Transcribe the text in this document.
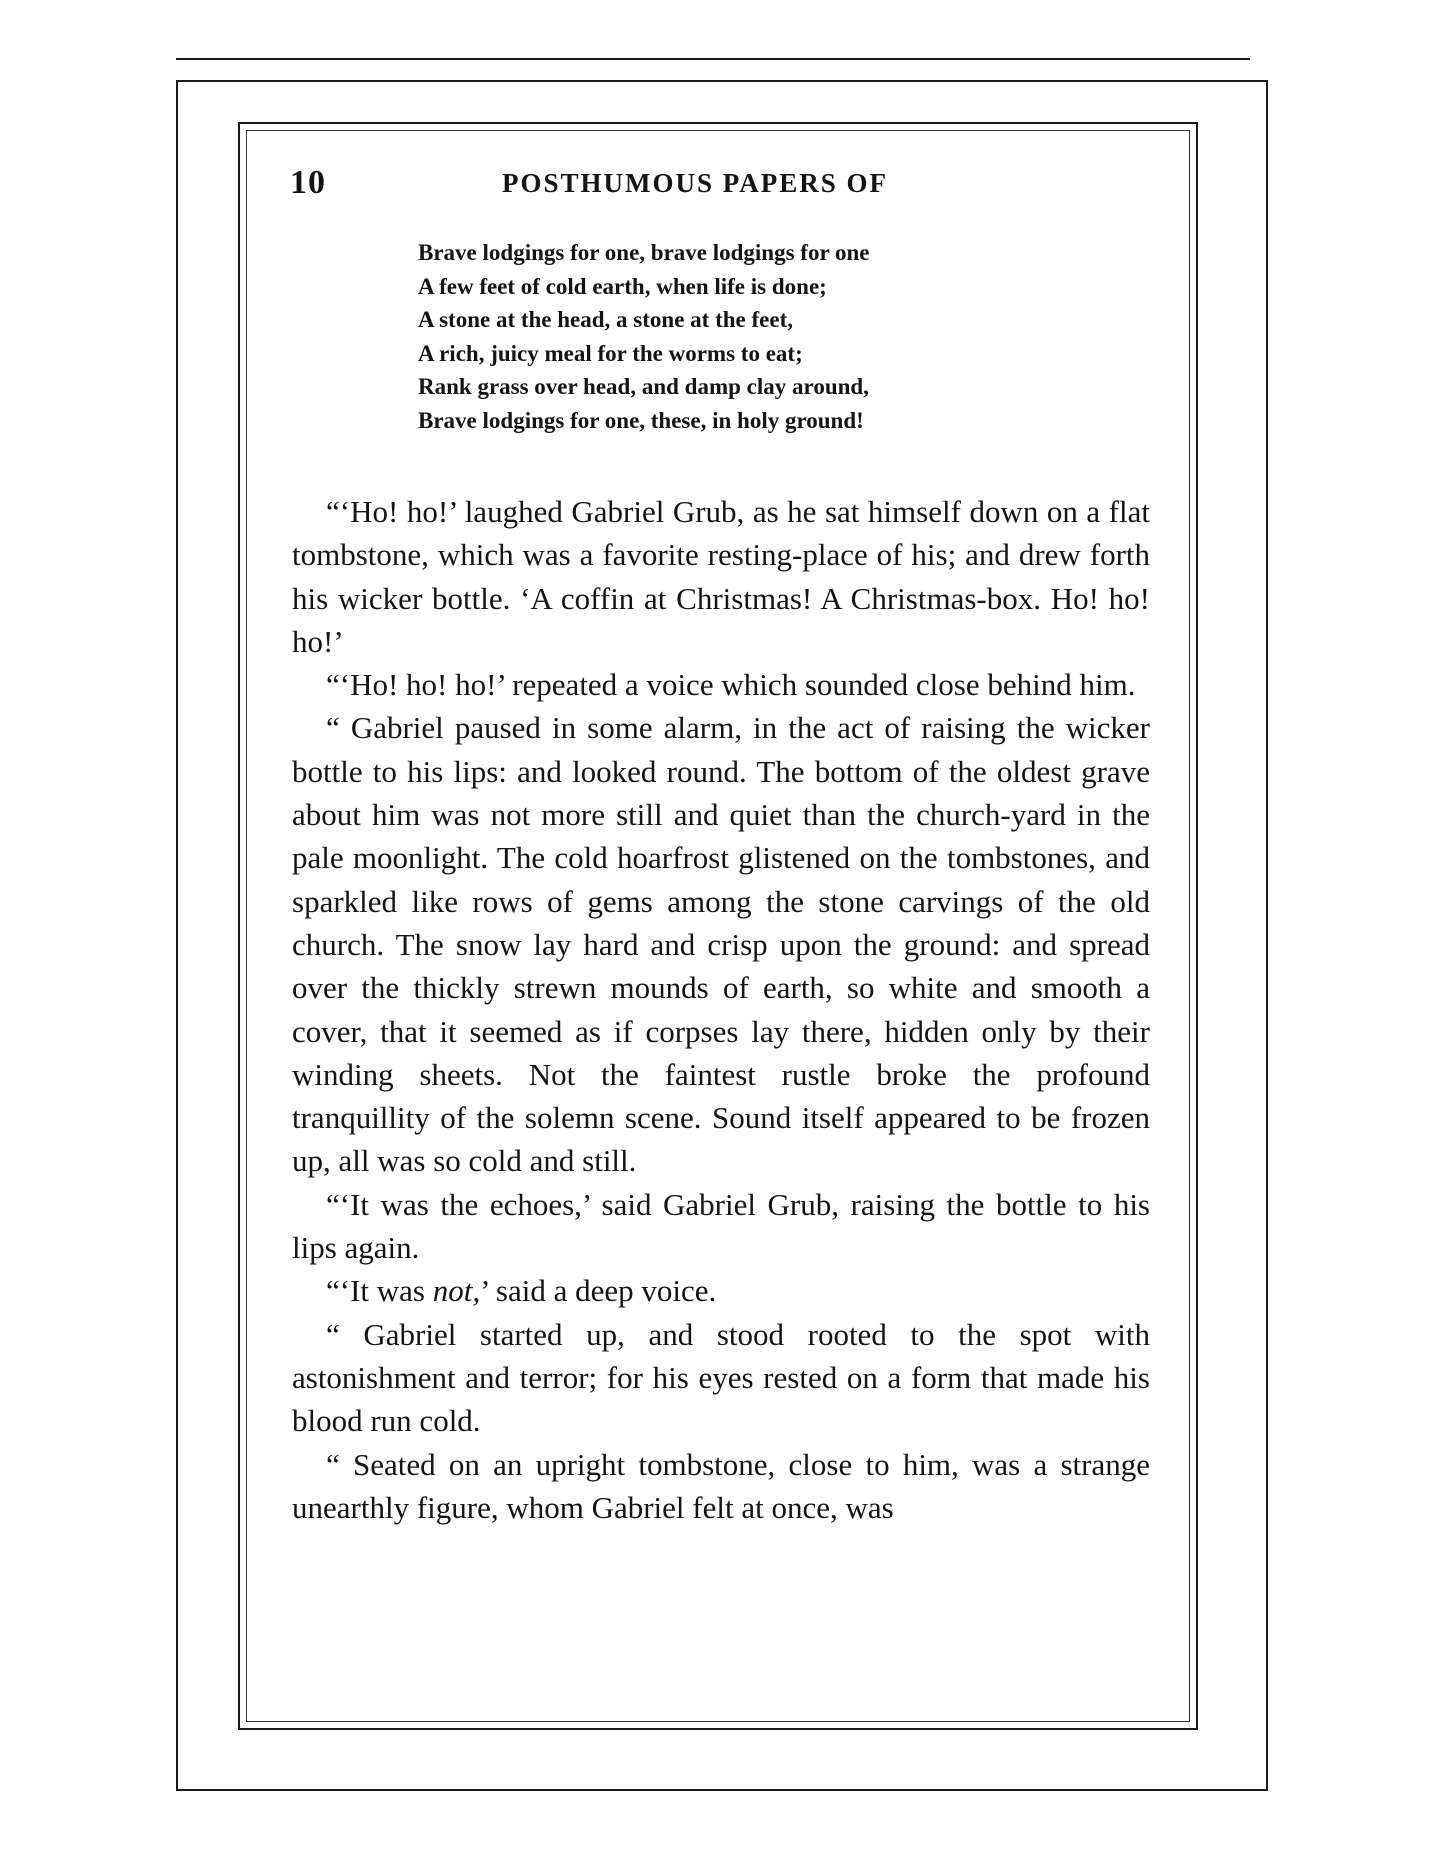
10	POSTHUMOUS PAPERS OF
Brave lodgings for one, brave lodgings for one
A few feet of cold earth, when life is done;
A stone at the head, a stone at the feet,
A rich, juicy meal for the worms to eat;
Rank grass over head, and damp clay around,
Brave lodgings for one, these, in holy ground!

“‘Ho! ho!’ laughed Gabriel Grub, as he sat himself down on a flat tombstone, which was a favorite resting-place of his; and drew forth his wicker bottle. ‘A coffin at Christmas! A Christmas-box. Ho! ho! ho!’

“‘Ho! ho! ho!’ repeated a voice which sounded close behind him.

“ Gabriel paused in some alarm, in the act of raising the wicker bottle to his lips: and looked round. The bottom of the oldest grave about him was not more still and quiet than the church-yard in the pale moonlight. The cold hoarfrost glistened on the tombstones, and sparkled like rows of gems among the stone carvings of the old church. The snow lay hard and crisp upon the ground: and spread over the thickly strewn mounds of earth, so white and smooth a cover, that it seemed as if corpses lay there, hidden only by their winding sheets. Not the faintest rustle broke the profound tranquillity of the solemn scene. Sound itself appeared to be frozen up, all was so cold and still.

“‘It was the echoes,’ said Gabriel Grub, raising the bottle to his lips again.

“‘It was not,’ said a deep voice.

“ Gabriel started up, and stood rooted to the spot with astonishment and terror; for his eyes rested on a form that made his blood run cold.

“ Seated on an upright tombstone, close to him, was a strange unearthly figure, whom Gabriel felt at once, was
